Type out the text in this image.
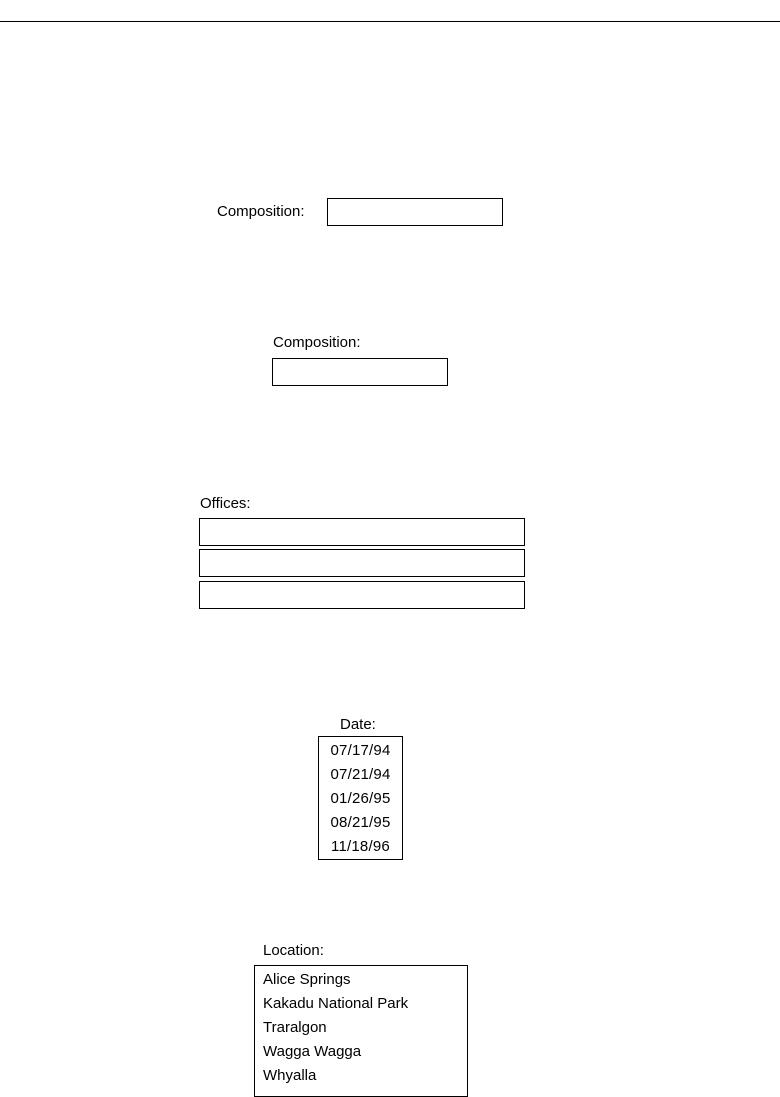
Composition:
Composition:
Offices:
Date:
07/17/94
07/21/94
01/26/95
08/21/95
11/18/96
Location:
Alice Springs
Kakadu National Park
Traralgon
Wagga Wagga
Whyalla
